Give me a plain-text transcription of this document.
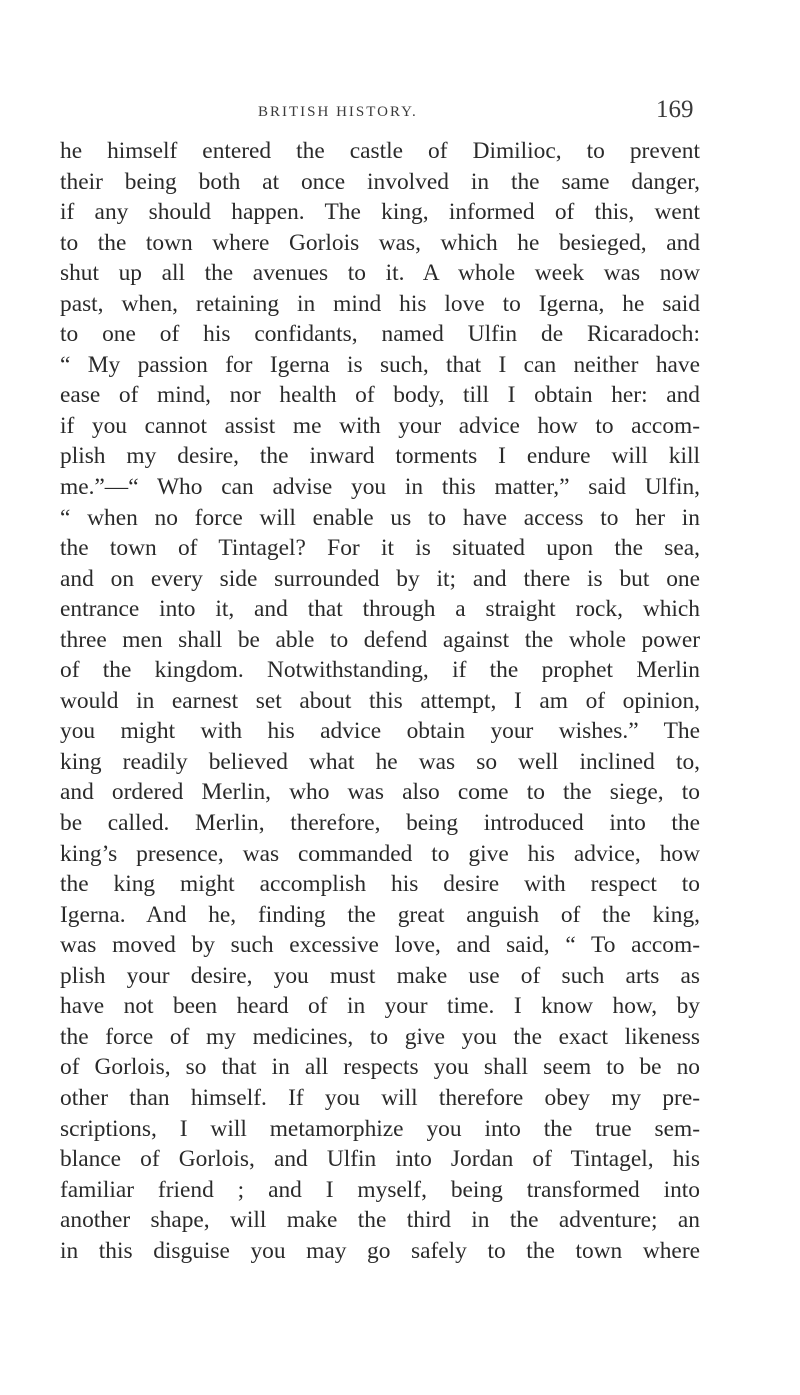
BRITISH HISTORY.	169
he himself entered the castle of Dimilioc, to prevent
their being both at once involved in the same danger,
if any should happen. The king, informed of this, went
to the town where Gorlois was, which he besieged, and
shut up all the avenues to it. A whole week was now
past, when, retaining in mind his love to Igerna, he said
to one of his confidants, named Ulfin de Ricaradoch:
“ My passion for Igerna is such, that I can neither have
ease of mind, nor health of body, till I obtain her: and
if you cannot assist me with your advice how to accom-
plish my desire, the inward torments I endure will kill
me.”—“ Who can advise you in this matter,” said Ulfin,
“ when no force will enable us to have access to her in
the town of Tintagel? For it is situated upon the sea,
and on every side surrounded by it; and there is but one
entrance into it, and that through a straight rock, which
three men shall be able to defend against the whole power
of the kingdom. Notwithstanding, if the prophet Merlin
would in earnest set about this attempt, I am of opinion,
you might with his advice obtain your wishes.” The
king readily believed what he was so well inclined to,
and ordered Merlin, who was also come to the siege, to
be called. Merlin, therefore, being introduced into the
king’s presence, was commanded to give his advice, how
the king might accomplish his desire with respect to
Igerna. And he, finding the great anguish of the king,
was moved by such excessive love, and said, “ To accom-
plish your desire, you must make use of such arts as
have not been heard of in your time. I know how, by
the force of my medicines, to give you the exact likeness
of Gorlois, so that in all respects you shall seem to be no
other than himself. If you will therefore obey my pre-
scriptions, I will metamorphize you into the true sem-
blance of Gorlois, and Ulfin into Jordan of Tintagel, his
familiar friend ; and I myself, being transformed into
another shape, will make the third in the adventure; an
in this disguise you may go safely to the town where
